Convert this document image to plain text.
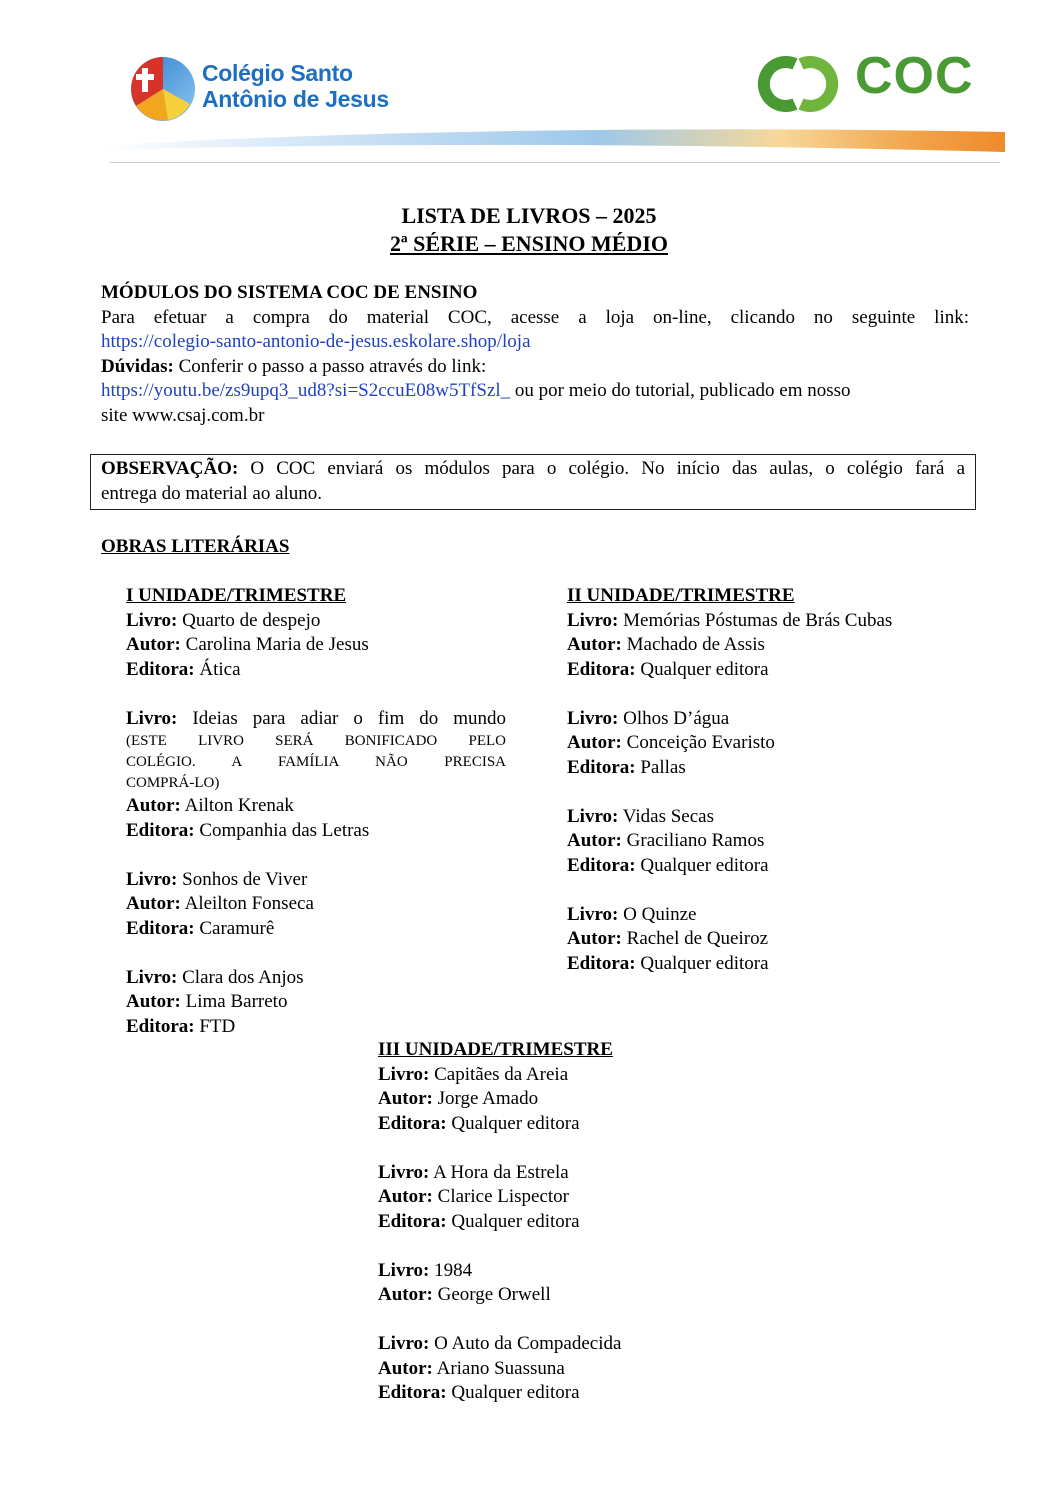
Colégio Santo
Antônio de Jesus	COC
LISTA DE LIVROS – 2025
2ª SÉRIE – ENSINO MÉDIO
MÓDULOS DO SISTEMA COC DE ENSINO
Para efetuar a compra do material COC, acesse a loja on-line, clicando no seguinte link:
https://colegio-santo-antonio-de-jesus.eskolare.shop/loja
Dúvidas: Conferir o passo a passo através do link:
https://youtu.be/zs9upq3_ud8?si=S2ccuE08w5TfSzl_ ou por meio do tutorial, publicado em nosso
site www.csaj.com.br
OBSERVAÇÃO: O COC enviará os módulos para o colégio. No início das aulas, o colégio fará a
entrega do material ao aluno.
OBRAS LITERÁRIAS
I UNIDADE/TRIMESTRE
Livro: Quarto de despejo
Autor: Carolina Maria de Jesus
Editora: Ática
Livro: Ideias para adiar o fim do mundo
(ESTE LIVRO SERÁ BONIFICADO PELO
COLÉGIO. A FAMÍLIA NÃO PRECISA
COMPRÁ-LO)
Autor: Ailton Krenak
Editora: Companhia das Letras
Livro: Sonhos de Viver
Autor: Aleilton Fonseca
Editora: Caramurê
Livro: Clara dos Anjos
Autor: Lima Barreto
Editora: FTD
II UNIDADE/TRIMESTRE
Livro: Memórias Póstumas de Brás Cubas
Autor: Machado de Assis
Editora: Qualquer editora
Livro: Olhos D’água
Autor: Conceição Evaristo
Editora: Pallas
Livro: Vidas Secas
Autor: Graciliano Ramos
Editora: Qualquer editora
Livro: O Quinze
Autor: Rachel de Queiroz
Editora: Qualquer editora
III UNIDADE/TRIMESTRE
Livro: Capitães da Areia
Autor: Jorge Amado
Editora: Qualquer editora
Livro: A Hora da Estrela
Autor: Clarice Lispector
Editora: Qualquer editora
Livro: 1984
Autor: George Orwell
Livro: O Auto da Compadecida
Autor: Ariano Suassuna
Editora: Qualquer editora
